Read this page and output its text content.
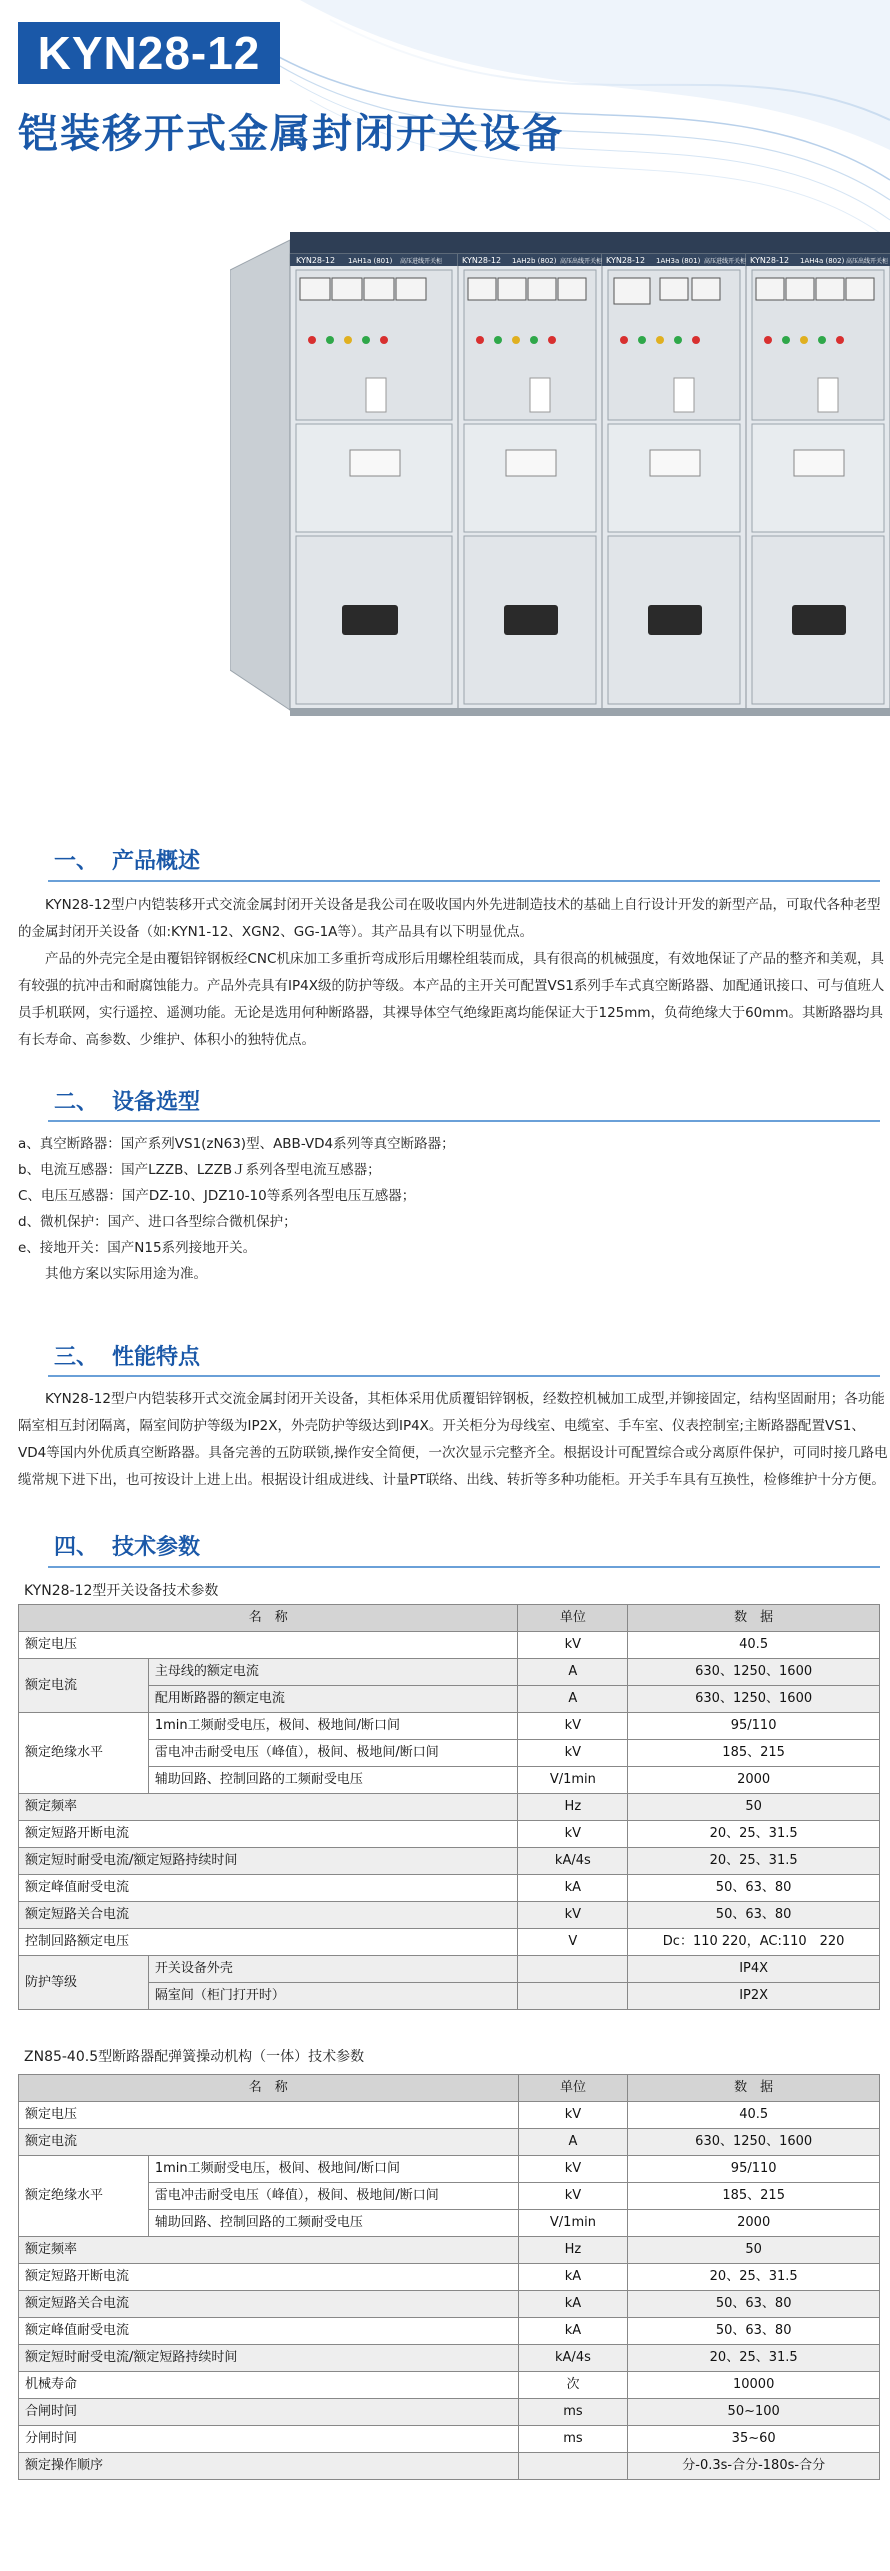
KYN28-12
铠装移开式金属封闭开关设备
KYN28-12 1AH1a (801) 高压进线开关柜 KYN28-12 1AH2b (802) 高压出线开关柜 KYN28-12 1AH3a (801) 高压进线开关柜 KYN28-12 1AH4a (802) 高压出线开关柜
一、 产品概述

KYN28-12型户内铠装移开式交流金属封闭开关设备是我公司在吸收国内外先进制造技术的基础上自行设计开发的新型产品，可取代各种老型的金属封闭开关设备（如:KYN1-12、XGN2、GG-1A等）。其产品具有以下明显优点。

产品的外壳完全是由覆铝锌钢板经CNC机床加工多重折弯成形后用螺栓组装而成，具有很高的机械强度，有效地保证了产品的整齐和美观，具有较强的抗冲击和耐腐蚀能力。产品外壳具有IP4Ⅹ级的防护等级。本产品的主开关可配置VS1系列手车式真空断路器、加配通讯接口、可与值班人员手机联网，实行遥控、遥测功能。无论是选用何种断路器，其裸导体空气绝缘距离均能保证大于125mm，负荷绝缘大于60mm。其断路器均具有长寿命、高参数、少维护、体积小的独特优点。

二、 设备选型
a、真空断路器：国产系列VS1(zN63)型、ABB-VD4系列等真空断路器；
b、电流互感器：国产LZZB、LZZBＪ系列各型电流互感器；
C、电压互感器：国产DZ-10、JDZ10-10等系列各型电压互感器；
d、微机保护：国产、进口各型综合微机保护；
e、接地开关：国产N15系列接地开关。
　　其他方案以实际用途为准。
三、 性能特点

KYN28-12型户内铠装移开式交流金属封闭开关设备，其柜体采用优质覆铝锌钢板，经数控机械加工成型,并铆接固定，结构坚固耐用；各功能隔室相互封闭隔离，隔室间防护等级为IP2Ⅹ，外壳防护等级达到IP4X。开关柜分为母线室、电缆室、手车室、仪表控制室;主断路器配置VS1、VD4等国内外优质真空断路器。具备完善的五防联锁,操作安全简便，一次次显示完整齐全。根据设计可配置综合或分离原件保护，可同时接几路电缆常规下进下出，也可按设计上进上出。根据设计组成进线、计量PT联络、出线、转折等多种功能柜。开关手车具有互换性，检修维护十分方便。

四、 技术参数
KYN28-12型开关设备技术参数
名　称		单位	数　据
额定电压		kV	40.5
额定电流	主母线的额定电流	A	630、1250、1600
	配用断路器的额定电流	A	630、1250、1600
额定绝缘水平	1min工频耐受电压，极间、极地间/断口间	kV	95/110
	雷电冲击耐受电压（峰值），极间、极地间/断口间	kV	185、215
	辅助回路、控制回路的工频耐受电压	V/1min	2000
额定频率		Hz	50
额定短路开断电流		kV	20、25、31.5
额定短时耐受电流/额定短路持续时间		kA/4s	20、25、31.5
额定峰值耐受电流		kA	50、63、80
额定短路关合电流		kV	50、63、80
控制回路额定电压		V	Dc：110 220，AC:110　220
防护等级	开关设备外壳		IP4X
	隔室间（柜门打开时）		IP2X
ZN85-40.5型断路器配弹簧操动机构（一体）技术参数
名　称		单位	数　据
额定电压		kV	40.5
额定电流		A	630、1250、1600
额定绝缘水平	1min工频耐受电压，极间、极地间/断口间	kV	95/110
	雷电冲击耐受电压（峰值），极间、极地间/断口间	kV	185、215
	辅助回路、控制回路的工频耐受电压	V/1min	2000
额定频率		Hz	50
额定短路开断电流		kA	20、25、31.5
额定短路关合电流		kA	50、63、80
额定峰值耐受电流		kA	50、63、80
额定短时耐受电流/额定短路持续时间		kA/4s	20、25、31.5
机械寿命		次	10000
合闸时间		ms	50~100
分闸时间		ms	35~60
额定操作顺序			分-0.3s-合分-180s-合分
